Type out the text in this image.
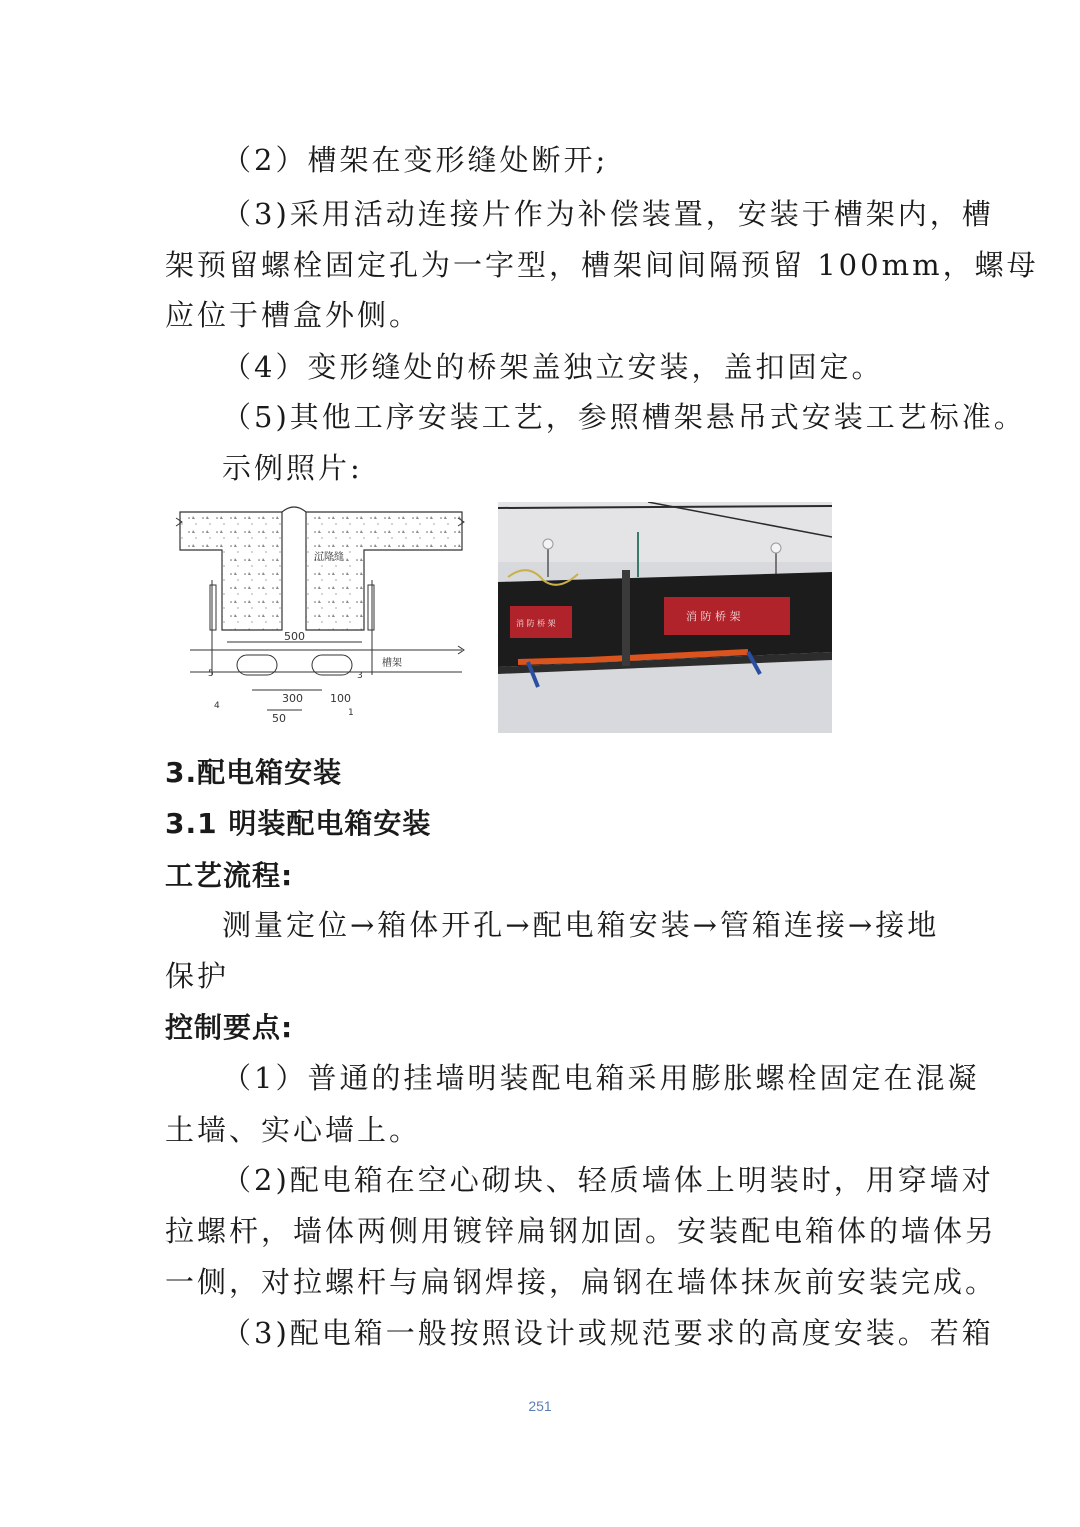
（2）槽架在变形缝处断开;
（3)采用活动连接片作为补偿装置，安装于槽架内，槽
架预留螺栓固定孔为一字型，槽架间间隔预留 100mm，螺母
应位于槽盒外侧。
（4）变形缝处的桥架盖独立安装，盖扣固定。
（5)其他工序安装工艺，参照槽架悬吊式安装工艺标准。
示例照片:
沉降缝
槽架
500
300 100
50	1
3
4
5
消 防 桥 架
消 防 桥 架
3.配电箱安装
3.1 明装配电箱安装
工艺流程:
测量定位→箱体开孔→配电箱安装→管箱连接→接地
保护
控制要点:
（1）普通的挂墙明装配电箱采用膨胀螺栓固定在混凝
土墙、实心墙上。
（2)配电箱在空心砌块、轻质墙体上明装时，用穿墙对
拉螺杆，墙体两侧用镀锌扁钢加固。安装配电箱体的墙体另
一侧，对拉螺杆与扁钢焊接，扁钢在墙体抹灰前安装完成。
（3)配电箱一般按照设计或规范要求的高度安装。若箱
251
